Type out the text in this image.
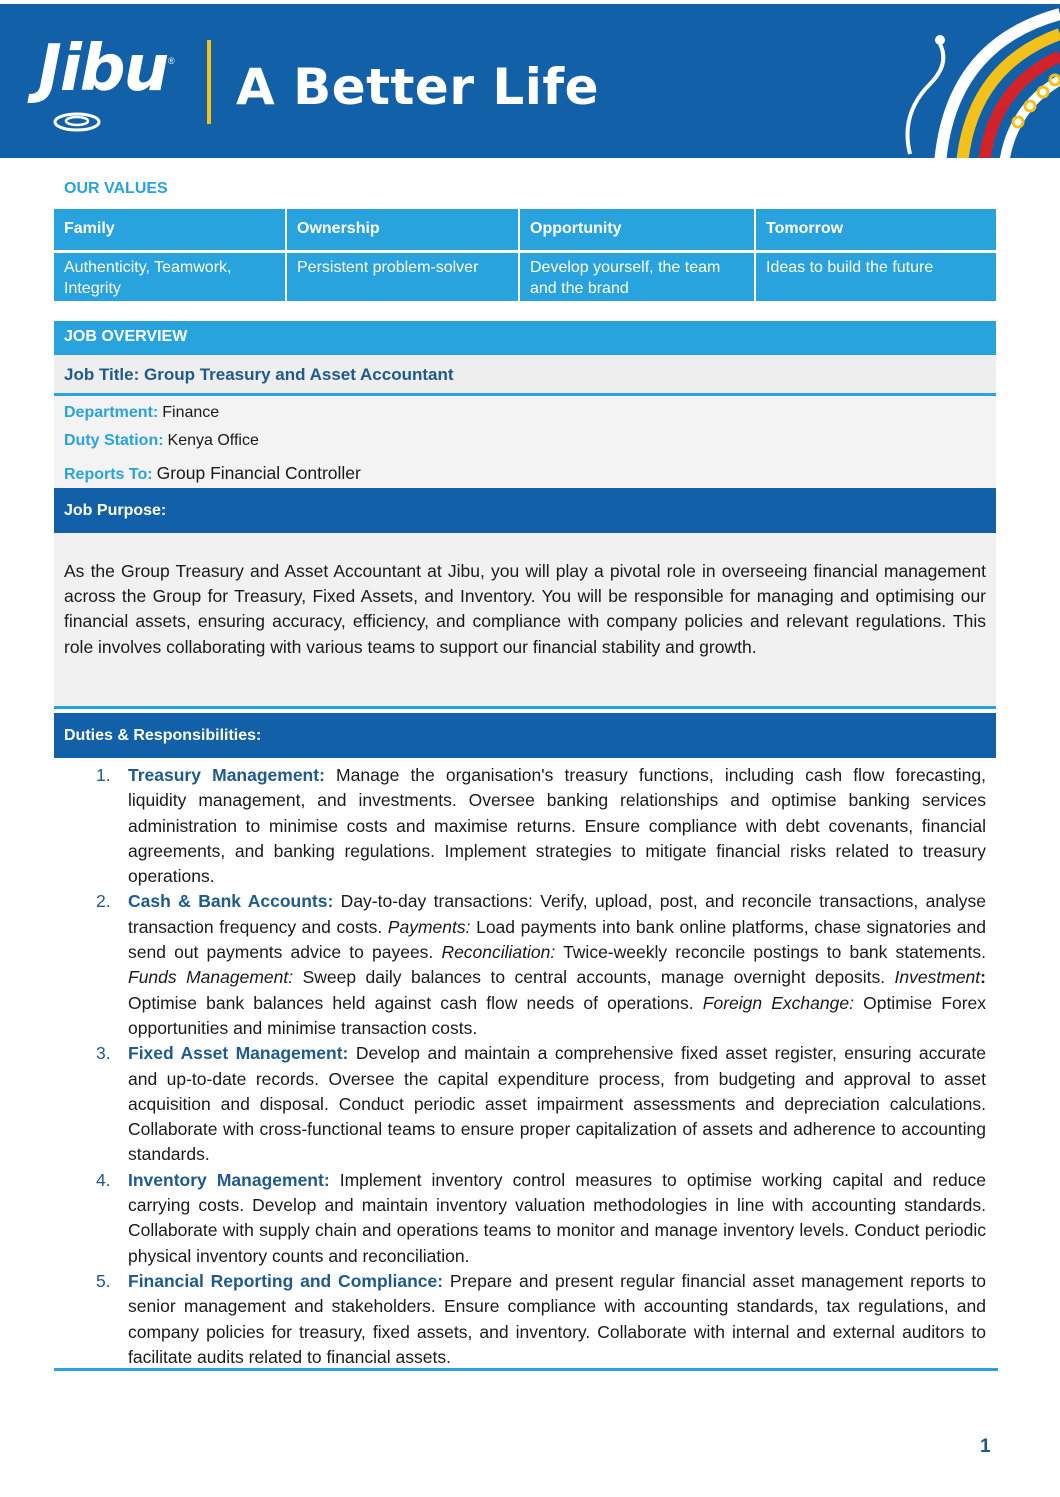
Jibu ® A Better Life
OUR VALUES
Family	Ownership	Opportunity	Tomorrow
Authenticity, Teamwork, Integrity	Persistent problem-solver	Develop yourself, the team and the brand	Ideas to build the future
JOB OVERVIEW
Job Title: Group Treasury and Asset Accountant
Department: Finance
Duty Station: Kenya Office
Reports To: Group Financial Controller
Job Purpose:
As the Group Treasury and Asset Accountant at Jibu, you will play a pivotal role in overseeing financial management across the Group for Treasury, Fixed Assets, and Inventory. You will be responsible for managing and optimising our financial assets, ensuring accuracy, efficiency, and compliance with company policies and relevant regulations. This role involves collaborating with various teams to support our financial stability and growth.
Duties & Responsibilities:
1. Treasury Management: Manage the organisation's treasury functions, including cash flow forecasting, liquidity management, and investments. Oversee banking relationships and optimise banking services administration to minimise costs and maximise returns. Ensure compliance with debt covenants, financial agreements, and banking regulations. Implement strategies to mitigate financial risks related to treasury operations.
2. Cash & Bank Accounts: Day-to-day transactions: Verify, upload, post, and reconcile transactions, analyse transaction frequency and costs. Payments: Load payments into bank online platforms, chase signatories and send out payments advice to payees. Reconciliation: Twice-weekly reconcile postings to bank statements. Funds Management: Sweep daily balances to central accounts, manage overnight deposits. Investment: Optimise bank balances held against cash flow needs of operations. Foreign Exchange: Optimise Forex opportunities and minimise transaction costs.
3. Fixed Asset Management: Develop and maintain a comprehensive fixed asset register, ensuring accurate and up-to-date records. Oversee the capital expenditure process, from budgeting and approval to asset acquisition and disposal. Conduct periodic asset impairment assessments and depreciation calculations. Collaborate with cross-functional teams to ensure proper capitalization of assets and adherence to accounting standards.
4. Inventory Management: Implement inventory control measures to optimise working capital and reduce carrying costs. Develop and maintain inventory valuation methodologies in line with accounting standards. Collaborate with supply chain and operations teams to monitor and manage inventory levels. Conduct periodic physical inventory counts and reconciliation.
5. Financial Reporting and Compliance: Prepare and present regular financial asset management reports to senior management and stakeholders. Ensure compliance with accounting standards, tax regulations, and company policies for treasury, fixed assets, and inventory. Collaborate with internal and external auditors to facilitate audits related to financial assets.
1
